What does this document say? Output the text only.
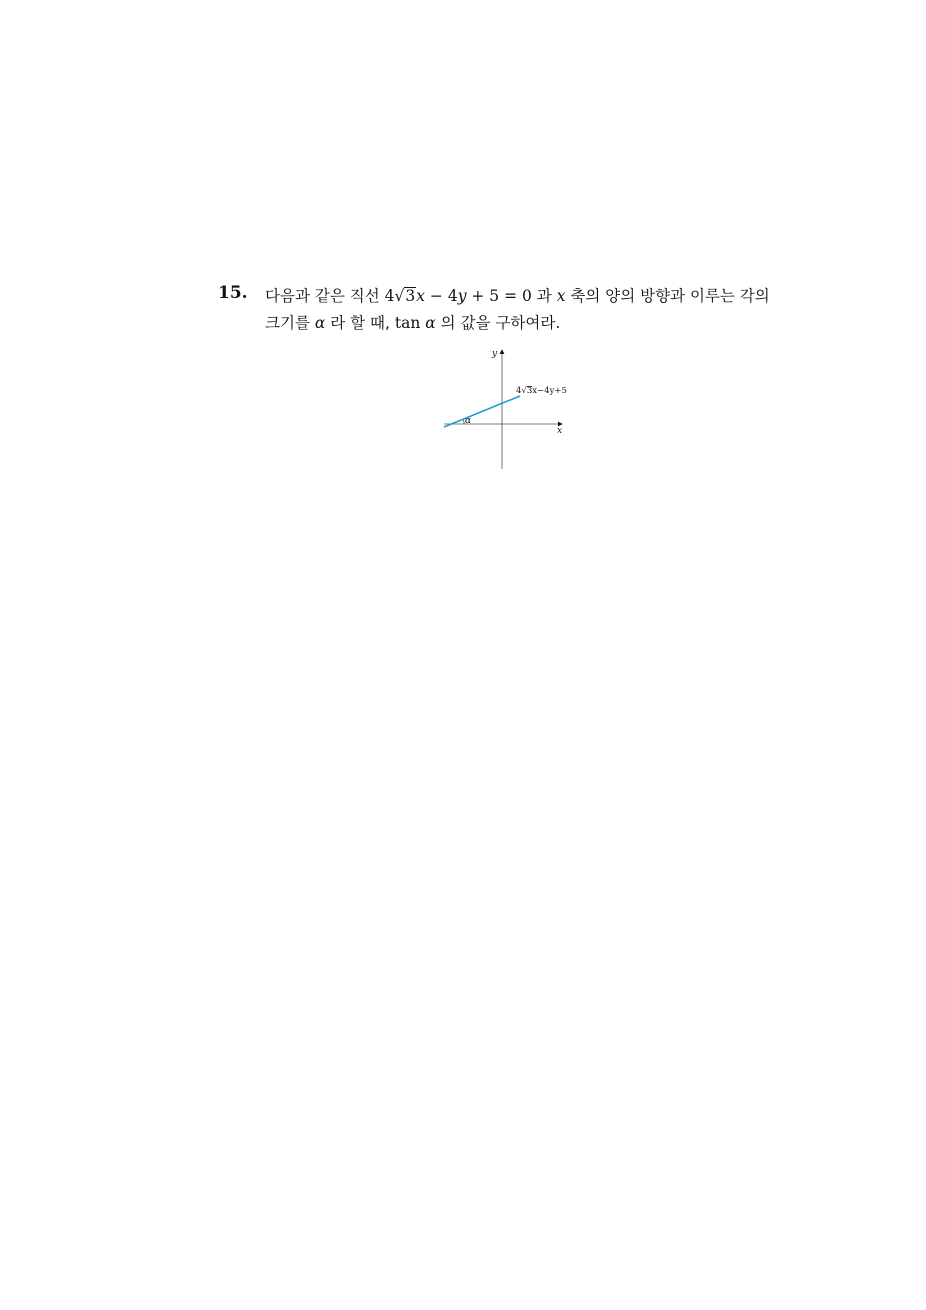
15. 다음과 같은 직선 4√3x − 4y + 5 = 0 과 x 축의 양의 방향과 이루는 각의
크기를 α 라 할 때, tan α 의 값을 구하여라.
y
x
α
4√3x−4y+5
